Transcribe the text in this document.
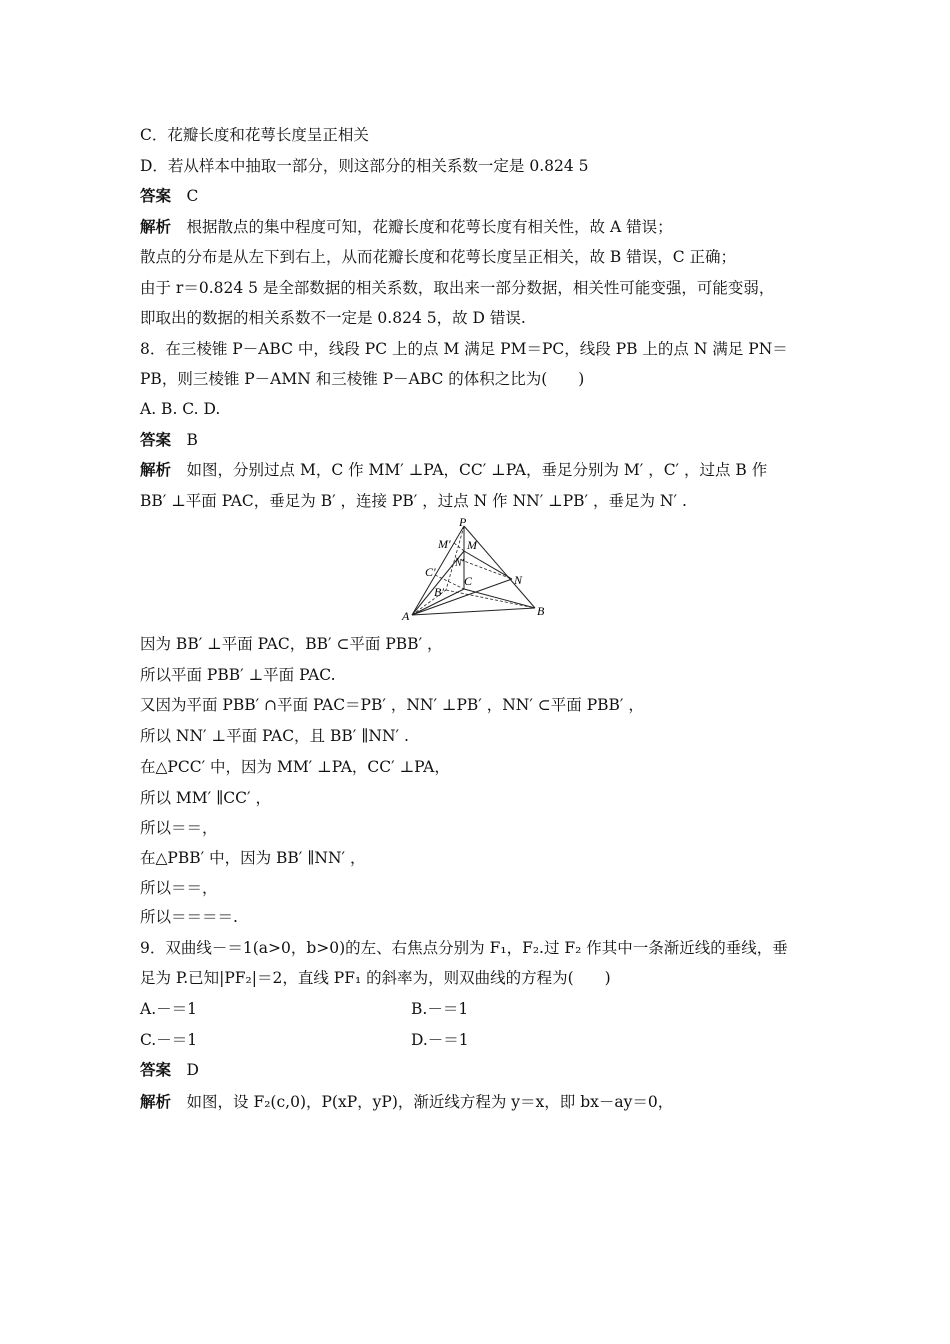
C．花瓣长度和花萼长度呈正相关
D．若从样本中抽取一部分，则这部分的相关系数一定是 0.824 5
答案　 C
解析　 根据散点的集中程度可知，花瓣长度和花萼长度有相关性，故 A 错误；
散点的分布是从左下到右上，从而花瓣长度和花萼长度呈正相关，故 B 错误，C 正确；
由于 r＝0.824 5 是全部数据的相关系数，取出来一部分数据，相关性可能变强，可能变弱，
即取出的数据的相关系数不一定是 0.824 5，故 D 错误.
8．在三棱锥 P－ABC 中，线段 PC 上的点 M 满足 PM＝PC，线段 PB 上的点 N 满足 PN＝
PB，则三棱锥 P－AMN 和三棱锥 P－ABC 的体积之比为(　　)
A. B. C. D.
答案　 B
解析　 如图，分别过点 M，C 作 MM′ ⊥PA，CC′ ⊥PA，垂足分别为 M′ ，C′ ，过点 B 作
BB′ ⊥平面 PAC，垂足为 B′ ，连接 PB′ ，过点 N 作 NN′ ⊥PB′ ，垂足为 N′ .
P
M′ M
N′
C′
C	N
B′
A	B
因为 BB′ ⊥平面 PAC，BB′ ⊂平面 PBB′ ，
所以平面 PBB′ ⊥平面 PAC.
又因为平面 PBB′ ∩平面 PAC＝PB′ ，NN′ ⊥PB′ ，NN′ ⊂平面 PBB′ ，
所以 NN′ ⊥平面 PAC，且 BB′ ∥NN′ .
在△PCC′ 中，因为 MM′ ⊥PA，CC′ ⊥PA，
所以 MM′ ∥CC′ ，
所以＝＝，
在△PBB′ 中，因为 BB′ ∥NN′ ，
所以＝＝，
所以＝＝＝＝.
9．双曲线－＝1(a>0，b>0)的左、右焦点分别为 F₁，F₂.过 F₂ 作其中一条渐近线的垂线，垂
足为 P.已知|PF₂|＝2，直线 PF₁ 的斜率为，则双曲线的方程为(　　)
A.－＝1	B.－＝1
C.－＝1	D.－＝1
答案　 D
解析　 如图，设 F₂(c,0)，P(xP，yP)，渐近线方程为 y＝x，即 bx－ay＝0，
